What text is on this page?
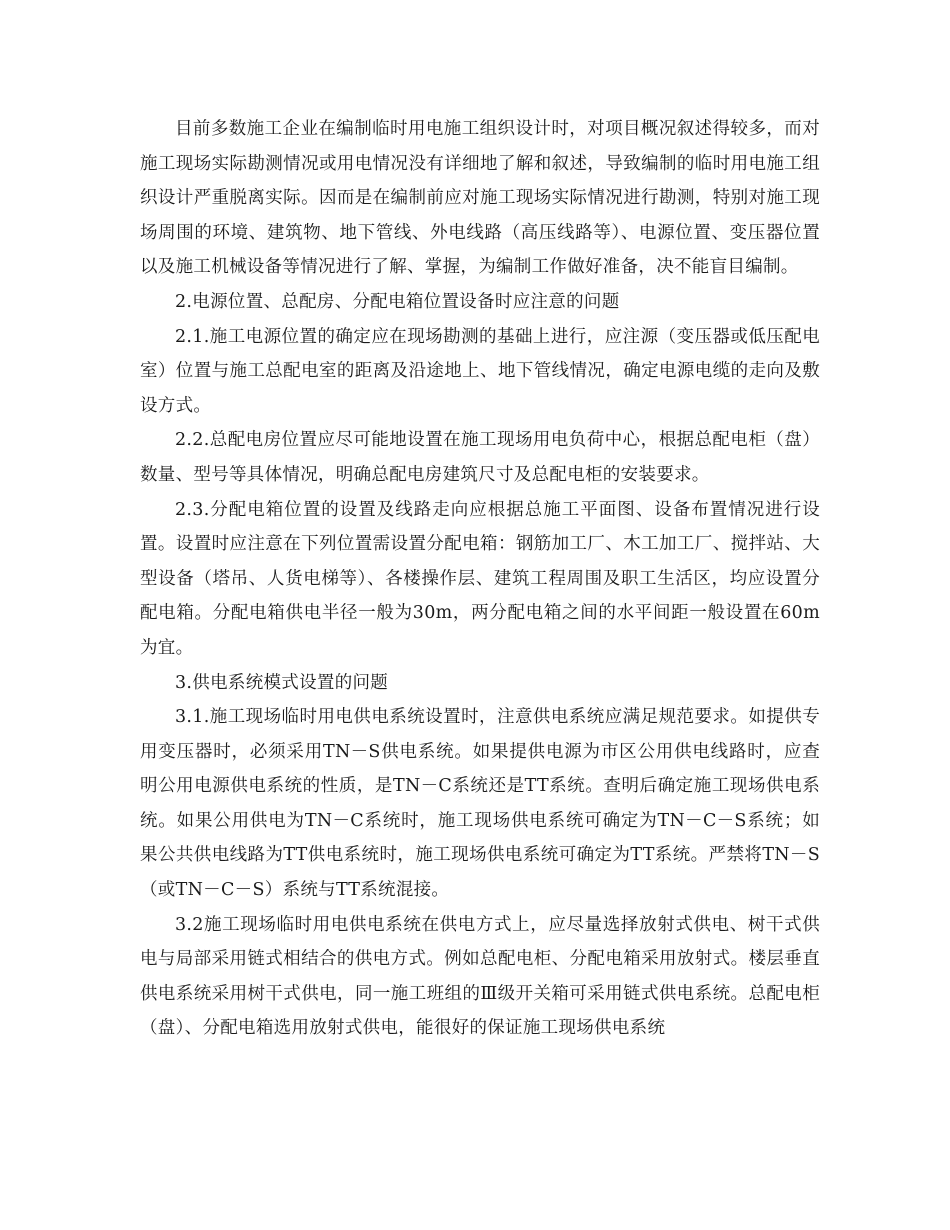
目前多数施工企业在编制临时用电施工组织设计时，对项目概况叙述得较多，而对施工现场实际勘测情况或用电情况没有详细地了解和叙述，导致编制的临时用电施工组织设计严重脱离实际。因而是在编制前应对施工现场实际情况进行勘测，特别对施工现场周围的环境、建筑物、地下管线、外电线路（高压线路等）、电源位置、变压器位置以及施工机械设备等情况进行了解、掌握，为编制工作做好准备，决不能盲目编制。

2.电源位置、总配房、分配电箱位置设备时应注意的问题

2.1.施工电源位置的确定应在现场勘测的基础上进行，应注源（变压器或低压配电室）位置与施工总配电室的距离及沿途地上、地下管线情况，确定电源电缆的走向及敷设方式。

2.2.总配电房位置应尽可能地设置在施工现场用电负荷中心，根据总配电柜（盘）数量、型号等具体情况，明确总配电房建筑尺寸及总配电柜的安装要求。

2.3.分配电箱位置的设置及线路走向应根据总施工平面图、设备布置情况进行设置。设置时应注意在下列位置需设置分配电箱：钢筋加工厂、木工加工厂、搅拌站、大型设备（塔吊、人货电梯等）、各楼操作层、建筑工程周围及职工生活区，均应设置分配电箱。分配电箱供电半径一般为30m，两分配电箱之间的水平间距一般设置在60m为宜。

3.供电系统模式设置的问题

3.1.施工现场临时用电供电系统设置时，注意供电系统应满足规范要求。如提供专用变压器时，必须采用TN－S供电系统。如果提供电源为市区公用供电线路时，应查明公用电源供电系统的性质，是TN－C系统还是TT系统。查明后确定施工现场供电系统。如果公用供电为TN－C系统时，施工现场供电系统可确定为TN－C－S系统；如果公共供电线路为TT供电系统时，施工现场供电系统可确定为TT系统。严禁将TN－S（或TN－C－S）系统与TT系统混接。

3.2施工现场临时用电供电系统在供电方式上，应尽量选择放射式供电、树干式供电与局部采用链式相结合的供电方式。例如总配电柜、分配电箱采用放射式。楼层垂直供电系统采用树干式供电，同一施工班组的Ⅲ级开关箱可采用链式供电系统。总配电柜（盘）、分配电箱选用放射式供电，能很好的保证施工现场供电系统
